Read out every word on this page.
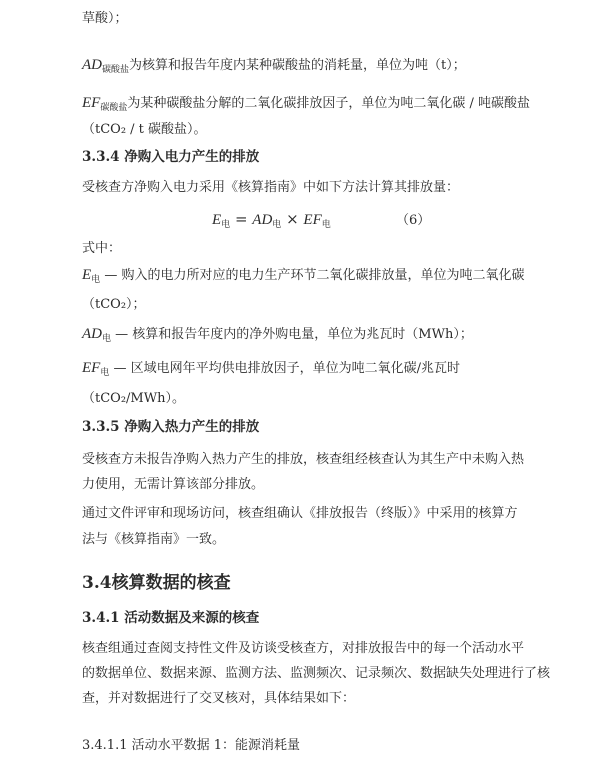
草酸）；
$AD_{碳酸盐}$为核算和报告年度内某种碳酸盐的消耗量，单位为吨（t）；
$EF_{碳酸盐}$为某种碳酸盐分解的二氧化碳排放因子，单位为吨二氧化碳 / 吨碳酸盐
（tCO₂ / t 碳酸盐）。
3.3.4 净购入电力产生的排放
受核查方净购入电力采用《核算指南》中如下方法计算其排放量：
$E_电 = AD_电 \times EF_电$	（6）
式中：
$E_电$ — 购入的电力所对应的电力生产环节二氧化碳排放量，单位为吨二氧化碳
（tCO₂）；
$AD_电$ — 核算和报告年度内的净外购电量，单位为兆瓦时（MWh）；
$EF_电$ — 区域电网年平均供电排放因子，单位为吨二氧化碳/兆瓦时
（tCO₂/MWh）。
3.3.5 净购入热力产生的排放
受核查方未报告净购入热力产生的排放，核查组经核查认为其生产中未购入热
力使用，无需计算该部分排放。
通过文件评审和现场访问，核查组确认《排放报告（终版）》中采用的核算方
法与《核算指南》一致。
3.4核算数据的核查
3.4.1 活动数据及来源的核查
核查组通过查阅支持性文件及访谈受核查方，对排放报告中的每一个活动水平
的数据单位、数据来源、监测方法、监测频次、记录频次、数据缺失处理进行了核
查，并对数据进行了交叉核对，具体结果如下：
3.4.1.1 活动水平数据 1：能源消耗量
